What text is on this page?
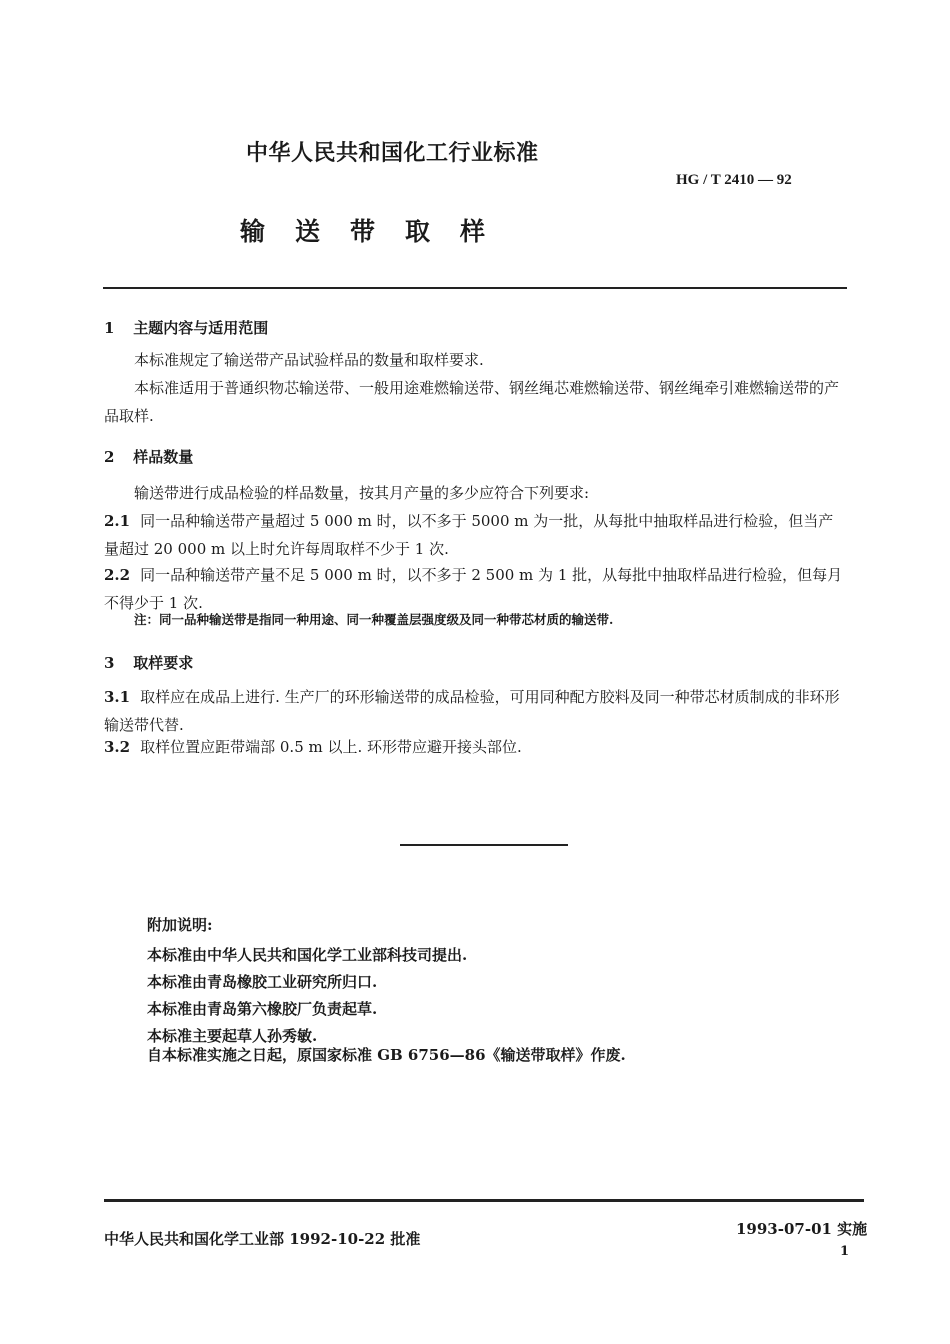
中华人民共和国化工行业标准
HG / T 2410 — 92
输送带取样
1 主题内容与适用范围
本标准规定了输送带产品试验样品的数量和取样要求.
本标准适用于普通织物芯输送带、一般用途难燃输送带、钢丝绳芯难燃输送带、钢丝绳牵引难燃输送带的产品取样.
2 样品数量
输送带进行成品检验的样品数量，按其月产量的多少应符合下列要求:
2.1 同一品种输送带产量超过 5 000 m 时，以不多于 5000 m 为一批，从每批中抽取样品进行检验，但当产量超过 20 000 m 以上时允许每周取样不少于 1 次.
2.2 同一品种输送带产量不足 5 000 m 时，以不多于 2 500 m 为 1 批，从每批中抽取样品进行检验，但每月不得少于 1 次.
注：同一品种输送带是指同一种用途、同一种覆盖层强度级及同一种带芯材质的输送带.
3 取样要求
3.1 取样应在成品上进行. 生产厂的环形输送带的成品检验，可用同种配方胶料及同一种带芯材质制成的非环形输送带代替.
3.2 取样位置应距带端部 0.5 m 以上. 环形带应避开接头部位.
附加说明:
本标准由中华人民共和国化学工业部科技司提出.
本标准由青岛橡胶工业研究所归口.
本标准由青岛第六橡胶厂负责起草.
本标准主要起草人孙秀敏.
自本标准实施之日起，原国家标准 GB 6756—86《输送带取样》作废.
中华人民共和国化学工业部 1992-10-22 批准
1993-07-01 实施
1
